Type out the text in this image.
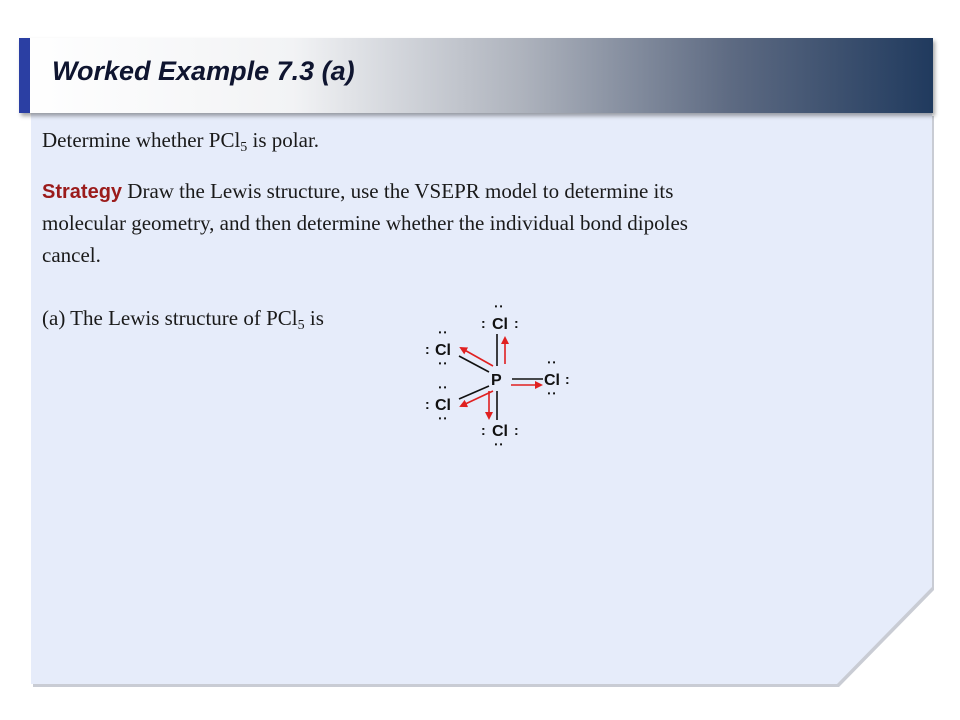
Worked Example 7.3 (a)

Determine whether PCl$_5$ is polar.

Strategy Draw the Lewis structure, use the VSEPR model to determine its

molecular geometry, and then determine whether the individual bond dipoles

cancel.

(a) The Lewis structure of PCl$_5$ is

P
Cl
: :
:
Cl
:
:
:
Cl :
:
:
Cl
:
:
:
Cl
: :
:
